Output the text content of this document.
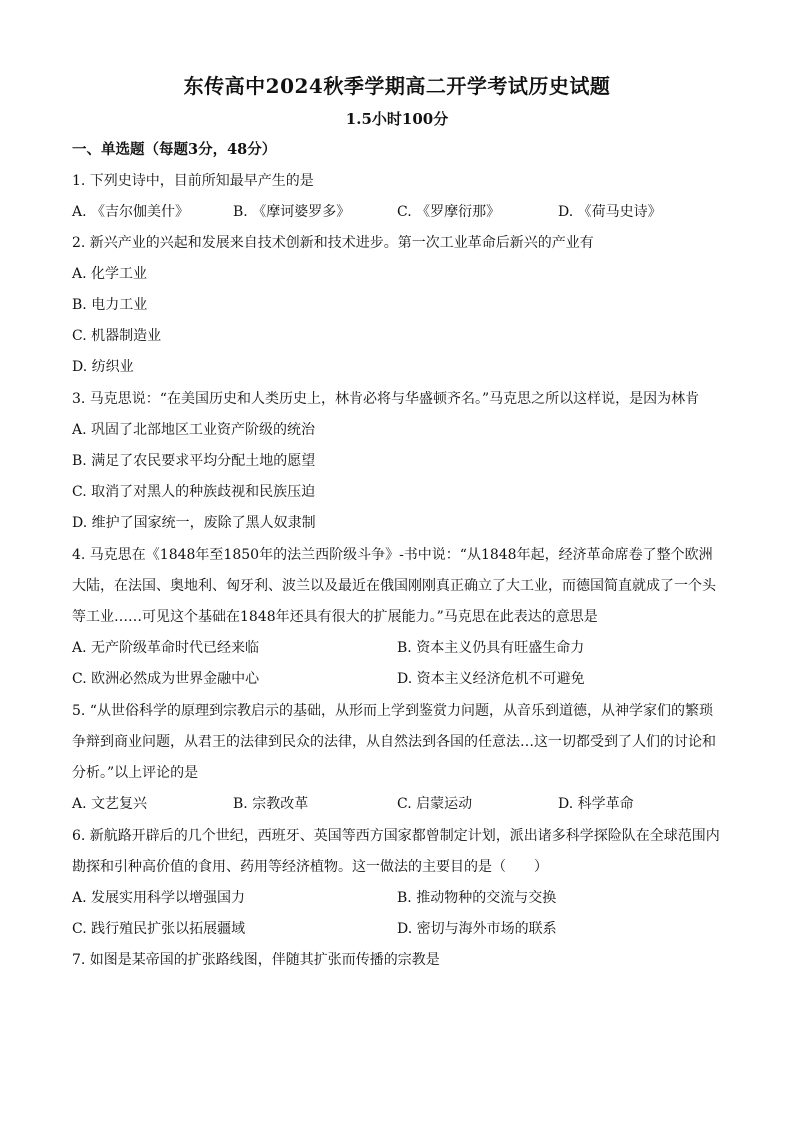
东传高中2024秋季学期高二开学考试历史试题
1.5小时100分
一、单选题（每题3分，48分）
1. 下列史诗中，目前所知最早产生的是
A. 《吉尔伽美什》	B. 《摩诃婆罗多》	C. 《罗摩衍那》	D. 《荷马史诗》
2. 新兴产业的兴起和发展来自技术创新和技术进步。第一次工业革命后新兴的产业有
A. 化学工业
B. 电力工业
C. 机器制造业
D. 纺织业
3. 马克思说：“在美国历史和人类历史上，林肯必将与华盛顿齐名。”马克思之所以这样说，是因为林肯
A. 巩固了北部地区工业资产阶级的统治
B. 满足了农民要求平均分配土地的愿望
C. 取消了对黑人的种族歧视和民族压迫
D. 维护了国家统一，废除了黑人奴隶制
4. 马克思在《1848年至1850年的法兰西阶级斗争》-书中说：“从1848年起，经济革命席卷了整个欧洲
大陆，在法国、奥地利、匈牙利、波兰以及最近在俄国刚刚真正确立了大工业，而德国简直就成了一个头
等工业……可见这个基础在1848年还具有很大的扩展能力。”马克思在此表达的意思是
A. 无产阶级革命时代已经来临	B. 资本主义仍具有旺盛生命力
C. 欧洲必然成为世界金融中心	D. 资本主义经济危机不可避免
5. “从世俗科学的原理到宗教启示的基础，从形而上学到鉴赏力问题，从音乐到道德，从神学家们的繁琐
争辩到商业问题，从君王的法律到民众的法律，从自然法到各国的任意法…这一切都受到了人们的讨论和
分析。”以上评论的是
A. 文艺复兴	B. 宗教改革	C. 启蒙运动	D. 科学革命
6. 新航路开辟后的几个世纪，西班牙、英国等西方国家都曾制定计划，派出诸多科学探险队在全球范围内
勘探和引种高价值的食用、药用等经济植物。这一做法的主要目的是（　　）
A. 发展实用科学以增强国力	B. 推动物种的交流与交换
C. 践行殖民扩张以拓展疆域	D. 密切与海外市场的联系
7. 如图是某帝国的扩张路线图，伴随其扩张而传播的宗教是
